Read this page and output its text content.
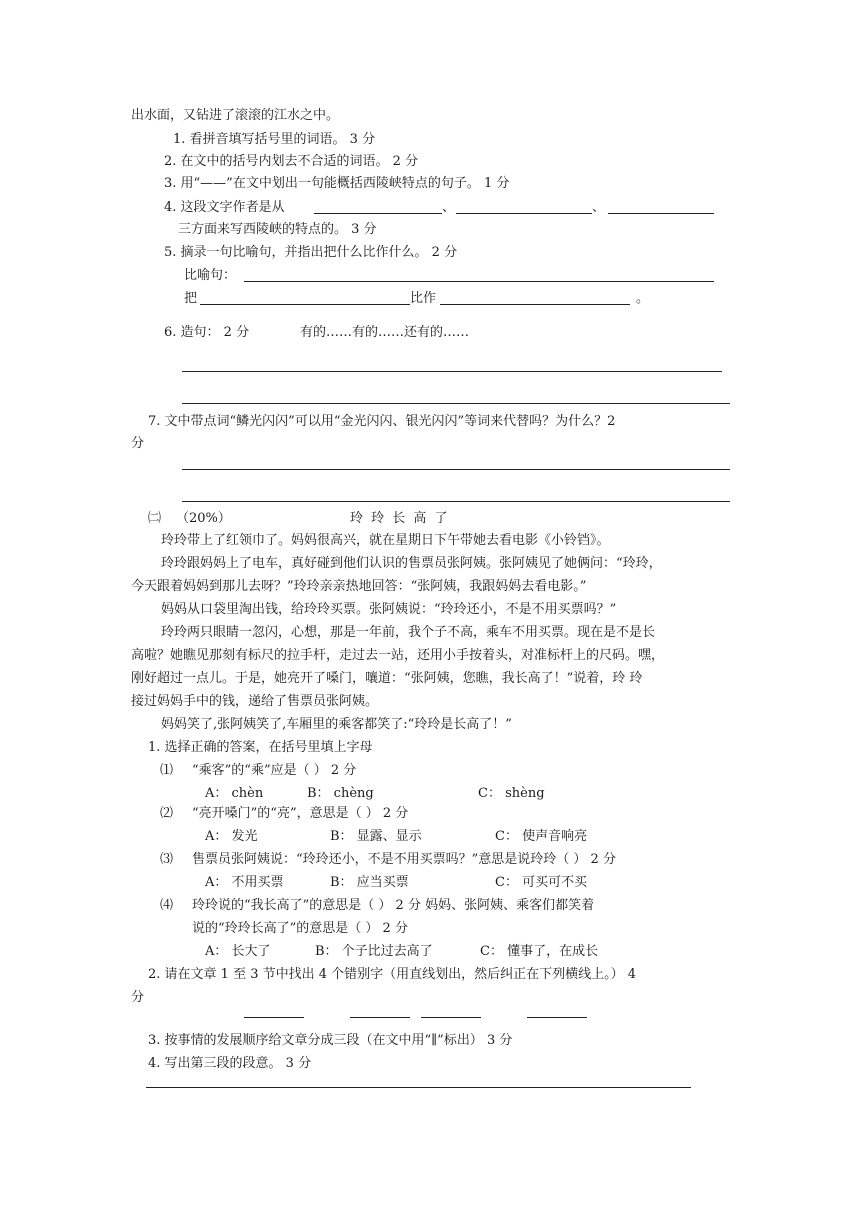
出水面，又钻进了滚滚的江水之中。
1. 看拼音填写括号里的词语。 3 分
2. 在文中的括号内划去不合适的词语。 2 分
3. 用“——”在文中划出一句能概括西陵峡特点的句子。 1 分
4. 这段文字作者是从	、	、
三方面来写西陵峡的特点的。 3 分
5. 摘录一句比喻句，并指出把什么比作什么。 2 分
比喻句：
把	比作	。
6. 造句： 2 分	有的……有的……还有的……
7. 文中带点词“鳞光闪闪”可以用“金光闪闪、银光闪闪”等词来代替吗？为什么？2
分
㈡ （20%）	玲 玲 长 高 了
玲玲带上了红领巾了。妈妈很高兴，就在星期日下午带她去看电影《小铃铛》。
玲玲跟妈妈上了电车，真好碰到他们认识的售票员张阿姨。张阿姨见了她俩问：“玲玲，
今天跟着妈妈到那儿去呀？”玲玲亲亲热地回答：“张阿姨，我跟妈妈去看电影。”
妈妈从口袋里淘出钱，给玲玲买票。张阿姨说：“玲玲还小，不是不用买票吗？”
玲玲两只眼睛一忽闪，心想，那是一年前，我个子不高，乘车不用买票。现在是不是长
高啦？她瞧见那刻有标尺的拉手杆，走过去一站，还用小手按着头，对准标杆上的尺码。嘿，
刚好超过一点儿。于是，她亮开了嗓门，嚷道：“张阿姨，您瞧，我长高了！”说着，玲 玲
接过妈妈手中的钱，递给了售票员张阿姨。
妈妈笑了,张阿姨笑了,车厢里的乘客都笑了:“玲玲是长高了！”
1. 选择正确的答案，在括号里填上字母
⑴ “乘客”的“乘”应是（ ） 2 分
A： chèn	B： chèng	C： shèng
⑵ “亮开嗓门”的“亮”，意思是（ ） 2 分
A： 发光	B： 显露、显示	C： 使声音响亮
⑶ 售票员张阿姨说：“玲玲还小，不是不用买票吗？”意思是说玲玲（ ） 2 分
A： 不用买票	B： 应当买票	C： 可买可不买
⑷ 玲玲说的“我长高了”的意思是（ ） 2 分 妈妈、张阿姨、乘客们都笑着
说的“玲玲长高了”的意思是（ ） 2 分
A： 长大了	B： 个子比过去高了	C： 懂事了，在成长
2. 请在文章 1 至 3 节中找出 4 个错别字（用直线划出，然后纠正在下列横线上。） 4
分
3. 按事情的发展顺序给文章分成三段（在文中用“∥”标出） 3 分
4. 写出第三段的段意。 3 分
